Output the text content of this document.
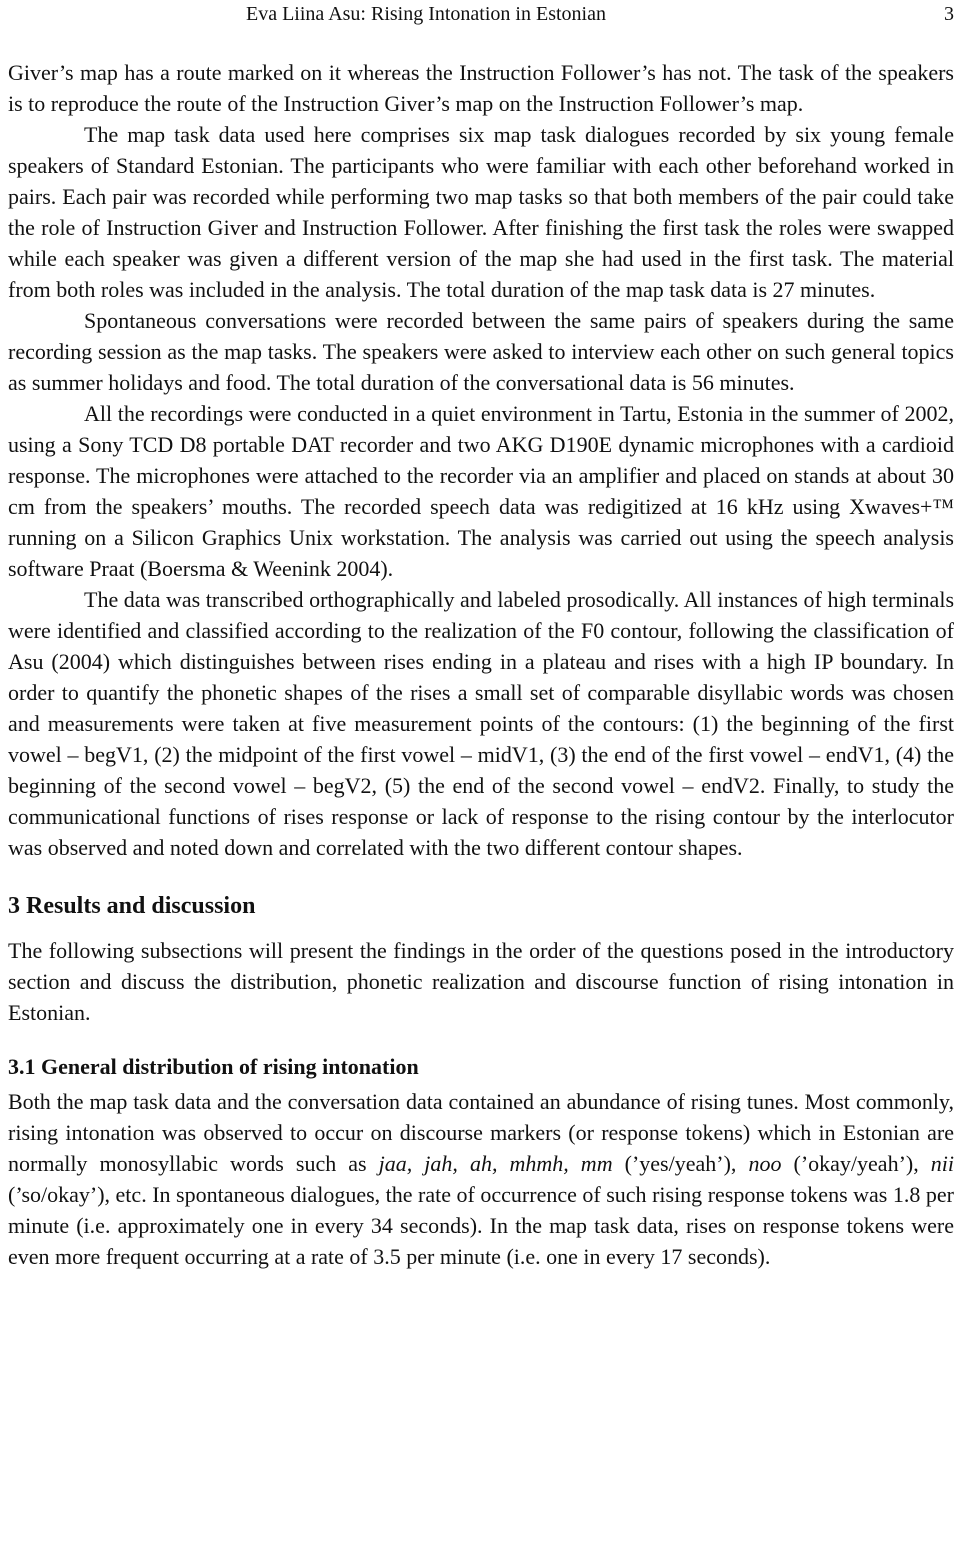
Eva Liina Asu: Rising Intonation in Estonian	3

Giver’s map has a route marked on it whereas the Instruction Follower’s has not. The task of the speakers is to reproduce the route of the Instruction Giver’s map on the Instruction Follower’s map.

The map task data used here comprises six map task dialogues recorded by six young female speakers of Standard Estonian. The participants who were familiar with each other beforehand worked in pairs. Each pair was recorded while performing two map tasks so that both members of the pair could take the role of Instruction Giver and Instruction Follower. After finishing the first task the roles were swapped while each speaker was given a different version of the map she had used in the first task. The material from both roles was included in the analysis. The total duration of the map task data is 27 minutes.

Spontaneous conversations were recorded between the same pairs of speakers during the same recording session as the map tasks. The speakers were asked to interview each other on such general topics as summer holidays and food. The total duration of the conversational data is 56 minutes.

All the recordings were conducted in a quiet environment in Tartu, Estonia in the summer of 2002, using a Sony TCD D8 portable DAT recorder and two AKG D190E dynamic microphones with a cardioid response. The microphones were attached to the recorder via an amplifier and placed on stands at about 30 cm from the speakers’ mouths. The recorded speech data was redigitized at 16 kHz using Xwaves+™ running on a Silicon Graphics Unix workstation. The analysis was carried out using the speech analysis software Praat (Boersma & Weenink 2004).

The data was transcribed orthographically and labeled prosodically. All instances of high terminals were identified and classified according to the realization of the F0 contour, following the classification of Asu (2004) which distinguishes between rises ending in a plateau and rises with a high IP boundary. In order to quantify the phonetic shapes of the rises a small set of comparable disyllabic words was chosen and measurements were taken at five measurement points of the contours: (1) the beginning of the first vowel – begV1, (2) the midpoint of the first vowel – midV1, (3) the end of the first vowel – endV1, (4) the beginning of the second vowel – begV2, (5) the end of the second vowel – endV2. Finally, to study the communicational functions of rises response or lack of response to the rising contour by the interlocutor was observed and noted down and correlated with the two different contour shapes.

3 Results and discussion

The following subsections will present the findings in the order of the questions posed in the introductory section and discuss the distribution, phonetic realization and discourse function of rising intonation in Estonian.

3.1 General distribution of rising intonation

Both the map task data and the conversation data contained an abundance of rising tunes. Most commonly, rising intonation was observed to occur on discourse markers (or response tokens) which in Estonian are normally monosyllabic words such as jaa, jah, ah, mhmh, mm (’yes/yeah’), noo (’okay/yeah’), nii (’so/okay’), etc. In spontaneous dialogues, the rate of occurrence of such rising response tokens was 1.8 per minute (i.e. approximately one in every 34 seconds). In the map task data, rises on response tokens were even more frequent occurring at a rate of 3.5 per minute (i.e. one in every 17 seconds).
